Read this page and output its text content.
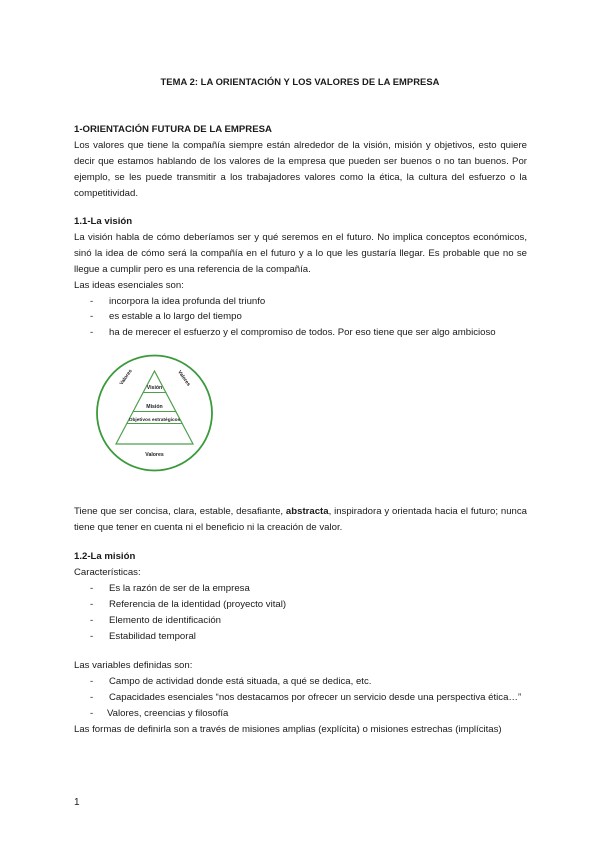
TEMA 2: LA ORIENTACIÓN Y LOS VALORES DE LA EMPRESA

1-ORIENTACIÓN FUTURA DE LA EMPRESA

Los valores que tiene la compañía siempre están alrededor de la visión, misión y objetivos, esto quiere decir que estamos hablando de los valores de la empresa que pueden ser buenos o no tan buenos. Por ejemplo, se les puede transmitir a los trabajadores valores como la ética, la cultura del esfuerzo o la competitividad.

1.1-La visión

La visión habla de cómo deberíamos ser y qué seremos en el futuro. No implica conceptos económicos, sinó la idea de cómo será la compañía en el futuro y a lo que les gustaría llegar. Es probable que no se llegue a cumplir pero es una referencia de la compañía.

Las ideas esenciales son:

- incorpora la idea profunda del triunfo
- es estable a lo largo del tiempo
- ha de merecer el esfuerzo y el compromiso de todos. Por eso tiene que ser algo ambicioso
Visión
Misión
Objetivos estratégicos
Valores
Valores	Valores
Tiene que ser concisa, clara, estable, desafiante, abstracta, inspiradora y orientada hacia el futuro; nunca tiene que tener en cuenta ni el beneficio ni la creación de valor.

1.2-La misión

Características:

- Es la razón de ser de la empresa
- Referencia de la identidad (proyecto vital)
- Elemento de identificación
- Estabilidad temporal

Las variables definidas son:

- Campo de actividad donde está situada, a qué se dedica, etc.
- Capacidades esenciales “nos destacamos por ofrecer un servicio desde una perspectiva ética…”
- Valores, creencias y filosofía

Las formas de definirla son a través de misiones amplias (explícita) o misiones estrechas (implícitas)

1
